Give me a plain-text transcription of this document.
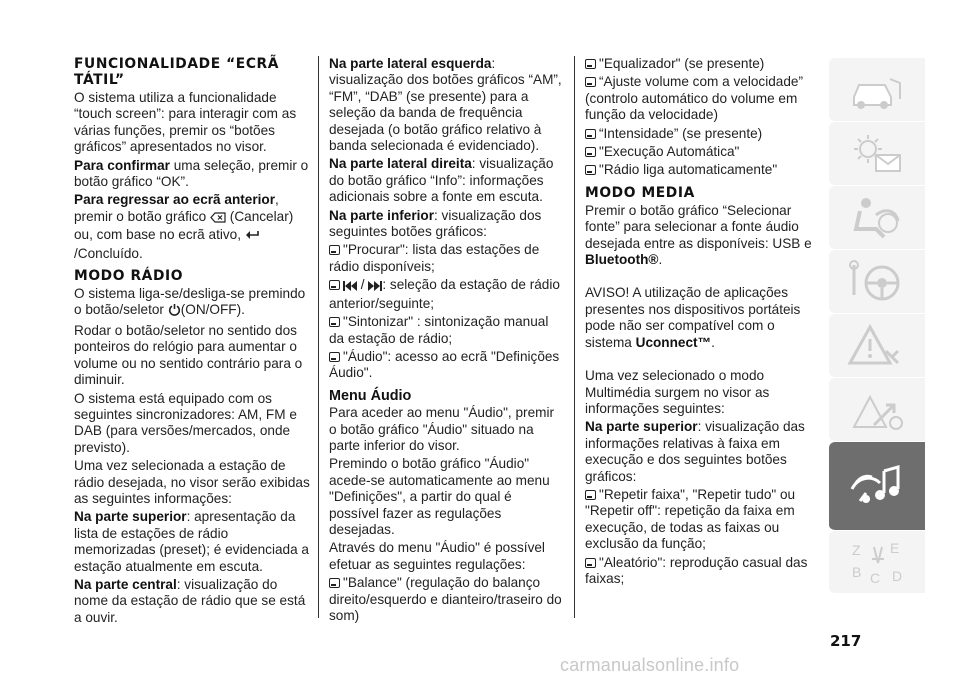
FUNCIONALIDADE “ECRÃ TÁTIL”

O sistema utiliza a funcionalidade “touch screen”: para interagir com as várias funções, premir os “botões gráficos” apresentados no visor.

Para confirmar uma seleção, premir o botão gráfico “OK”.

Para regressar ao ecrã anterior, premir o botão gráfico  (Cancelar) ou, com base no ecrã ativo, /Concluído.

MODO RÁDIO

O sistema liga-se/desliga-se premindo o botão/seletor (ON/OFF).

Rodar o botão/seletor no sentido dos ponteiros do relógio para aumentar o volume ou no sentido contrário para o diminuir.

O sistema está equipado com os seguintes sincronizadores: AM, FM e DAB (para versões/mercados, onde previsto).

Uma vez selecionada a estação de rádio desejada, no visor serão exibidas as seguintes informações:

Na parte superior: apresentação da lista de estações de rádio memorizadas (preset); é evidenciada a estação atualmente em escuta.

Na parte central: visualização do nome da estação de rádio que se está a ouvir.

Na parte lateral esquerda: visualização dos botões gráficos “AM”, “FM”, “DAB” (se presente) para a seleção da banda de frequência desejada (o botão gráfico relativo à banda selecionada é evidenciado).

Na parte lateral direita: visualização do botão gráfico “Info”: informações adicionais sobre a fonte em escuta.

Na parte inferior: visualização dos seguintes botões gráficos:

"Procurar": lista das estações de rádio disponíveis;

/ : seleção da estação de rádio anterior/seguinte;

"Sintonizar" : sintonização manual da estação de rádio;

"Áudio": acesso ao ecrã "Definições Áudio".

Menu Áudio

Para aceder ao menu "Áudio", premir o botão gráfico "Áudio" situado na parte inferior do visor.

Premindo o botão gráfico "Áudio" acede-se automaticamente ao menu "Definições", a partir do qual é possível fazer as regulações desejadas.

Através do menu "Áudio" é possível efetuar as seguintes regulações:

"Balance" (regulação do balanço direito/esquerdo e dianteiro/traseiro do som)

"Equalizador" (se presente)

“Ajuste volume com a velocidade” (controlo automático do volume em função da velocidade)

“Intensidade” (se presente)

"Execução Automática"

"Rádio liga automaticamente"

MODO MEDIA

Premir o botão gráfico “Selecionar fonte” para selecionar a fonte áudio desejada entre as disponíveis: USB e Bluetooth®.

AVISO! A utilização de aplicações presentes nos dispositivos portáteis pode não ser compatível com o sistema Uconnect™.

Uma vez selecionado o modo Multimédia surgem no visor as informações seguintes:

Na parte superior: visualização das informações relativas à faixa em execução e dos seguintes botões gráficos:

"Repetir faixa", "Repetir tudo" ou "Repetir off": repetição da faixa em execução, de todas as faixas ou exclusão da função;

"Aleatório": reprodução casual das faixas;

Z E
B C D
217
carmanualsonline.info
